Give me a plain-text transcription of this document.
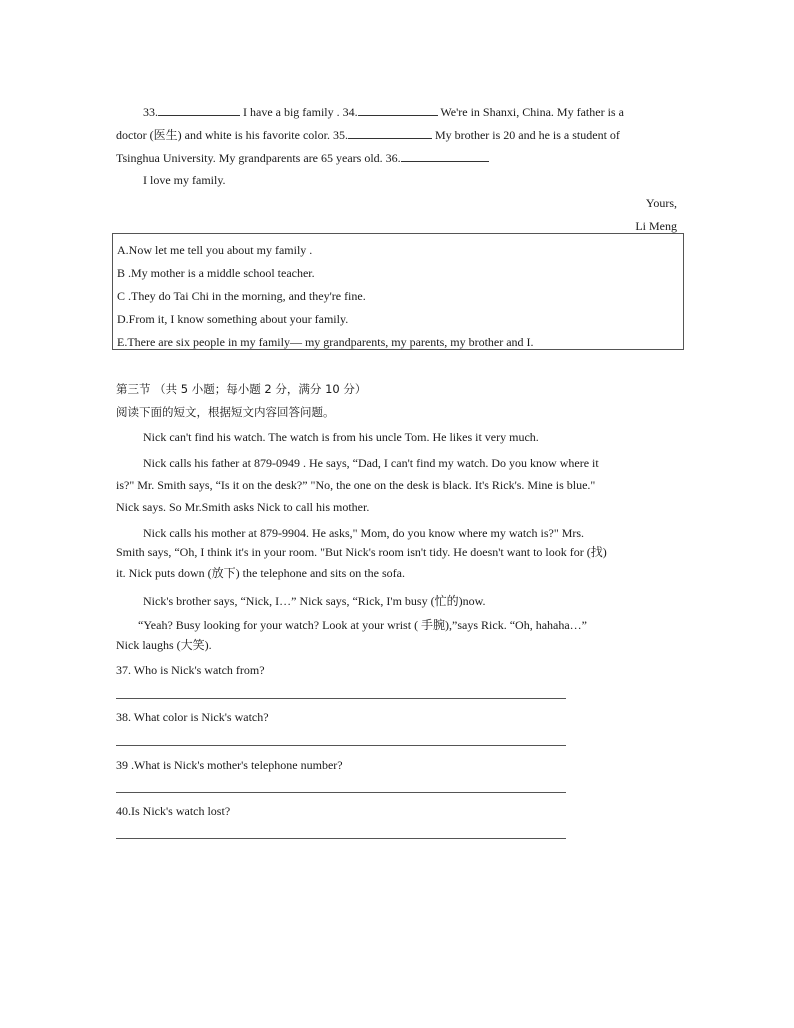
33.	I have a big family . 34.	We're in Shanxi, China. My father is a
doctor (医生) and white is his favorite color. 35.	My brother is 20 and he is a student of
Tsinghua University. My grandparents are 65 years old. 36.
I love my family.
Yours,
Li Meng
A.Now let me tell you about my family .
B .My mother is a middle school teacher.
C .They do Tai Chi in the morning, and they're fine.
D.From it, I know something about your family.
E.There are six people in my family— my grandparents, my parents, my brother and I.
第三节 （共 5 小题；每小题 2 分，满分 10 分）
阅读下面的短文，根据短文内容回答问题。
Nick can't find his watch. The watch is from his uncle Tom. He likes it very much.
Nick calls his father at 879-0949 . He says, “Dad, I can't find my watch. Do you know where it
is?" Mr. Smith says, “Is it on the desk?” "No, the one on the desk is black. It's Rick's. Mine is blue."
Nick says. So Mr.Smith asks Nick to call his mother.
Nick calls his mother at 879-9904. He asks," Mom, do you know where my watch is?" Mrs.
Smith says, “Oh, I think it's in your room. "But Nick's room isn't tidy. He doesn't want to look for (找)
it. Nick puts down (放下) the telephone and sits on the sofa.
Nick's brother says, “Nick, I…” Nick says, “Rick, I'm busy (忙的)now.
“Yeah? Busy looking for your watch? Look at your wrist ( 手腕),”says Rick. “Oh, hahaha…”
Nick laughs (大笑).
37. Who is Nick's watch from?
38. What color is Nick's watch?
39 .What is Nick's mother's telephone number?
40.Is Nick's watch lost?
